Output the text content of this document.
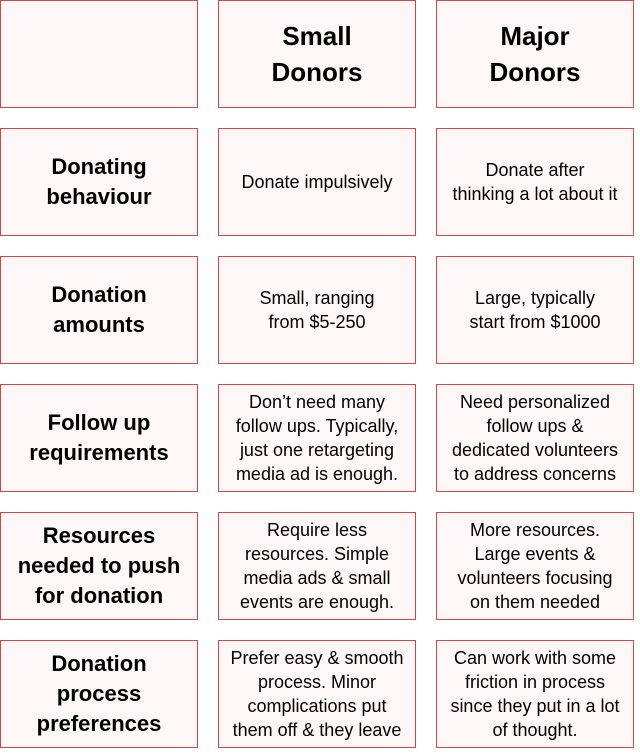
Small
Donors
Major
Donors
Donating
behaviour
Donate impulsively
Donate after
thinking a lot about it
Donation
amounts
Small, ranging
from $5-250
Large, typically
start from $1000
Follow up
requirements
Don’t need many
follow ups. Typically,
just one retargeting
media ad is enough.
Need personalized
follow ups &
dedicated volunteers
to address concerns
Resources
needed to push
for donation
Require less
resources. Simple
media ads & small
events are enough.
More resources.
Large events &
volunteers focusing
on them needed
Donation
process
preferences
Prefer easy & smooth
process. Minor
complications put
them off & they leave
Can work with some
friction in process
since they put in a lot
of thought.
